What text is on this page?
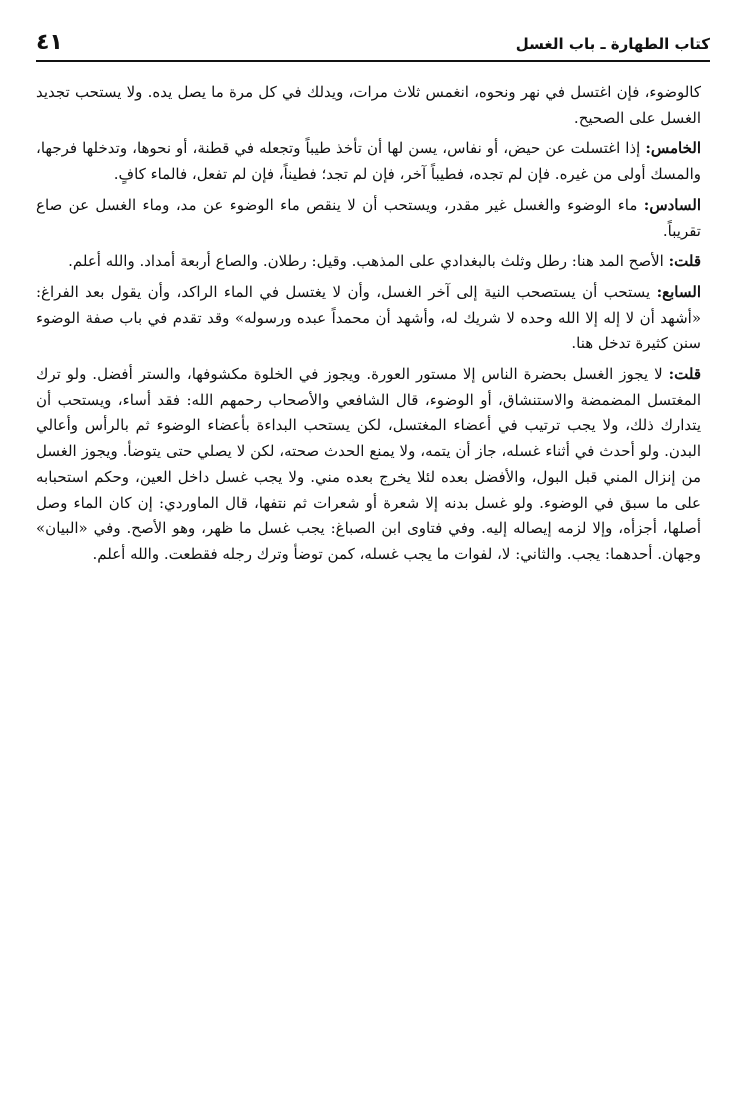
كتاب الطهارة ـ باب الغسل
٤١

كالوضوء، فإن اغتسل في نهر ونحوه، انغمس ثلاث مرات، ويدلك في كل مرة ما يصل يده. ولا يستحب تجديد الغسل على الصحيح.

الخامس: إذا اغتسلت عن حيض، أو نفاس، يسن لها أن تأخذ طيباً وتجعله في قطنة، أو نحوها، وتدخلها فرجها، والمسك أولى من غيره. فإن لم تجده، فطيباً آخر، فإن لم تجد؛ فطيناً، فإن لم تفعل، فالماء كافٍ.

السادس: ماء الوضوء والغسل غير مقدر، ويستحب أن لا ينقص ماء الوضوء عن مد، وماء الغسل عن صاع تقريباً.

قلت: الأصح المد هنا: رطل وثلث بالبغدادي على المذهب. وقيل: رطلان. والصاع أربعة أمداد. والله أعلم.

السابع: يستحب أن يستصحب النية إلى آخر الغسل، وأن لا يغتسل في الماء الراكد، وأن يقول بعد الفراغ: «أشهد أن لا إله إلا الله وحده لا شريك له، وأشهد أن محمداً عبده ورسوله» وقد تقدم في باب صفة الوضوء سنن كثيرة تدخل هنا.

قلت: لا يجوز الغسل بحضرة الناس إلا مستور العورة. ويجوز في الخلوة مكشوفها، والستر أفضل. ولو ترك المغتسل المضمضة والاستنشاق، أو الوضوء، قال الشافعي والأصحاب رحمهم الله: فقد أساء، ويستحب أن يتدارك ذلك، ولا يجب ترتيب في أعضاء المغتسل، لكن يستحب البداءة بأعضاء الوضوء ثم بالرأس وأعالي البدن. ولو أحدث في أثناء غسله، جاز أن يتمه، ولا يمنع الحدث صحته، لكن لا يصلي حتى يتوضأ. ويجوز الغسل من إنزال المني قبل البول، والأفضل بعده لئلا يخرج بعده مني. ولا يجب غسل داخل العين، وحكم استحبابه على ما سبق في الوضوء. ولو غسل بدنه إلا شعرة أو شعرات ثم نتفها، قال الماوردي: إن كان الماء وصل أصلها، أجزأه، وإلا لزمه إيصاله إليه. وفي فتاوى ابن الصباغ: يجب غسل ما ظهر، وهو الأصح. وفي «البيان» وجهان. أحدهما: يجب. والثاني: لا، لفوات ما يجب غسله، كمن توضأ وترك رجله فقطعت. والله أعلم.
